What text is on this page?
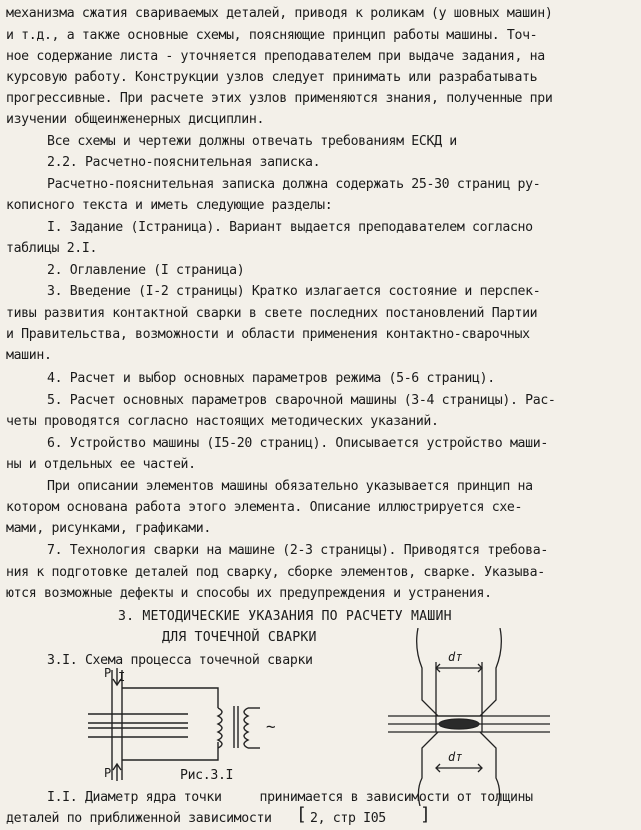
механизма сжатия свариваемых деталей, приводя к роликам (у шовных машин)
и т.д., а также основные схемы, поясняющие принцип работы машины. Точ-
ное содержание листа - уточняется преподавателем при выдаче задания, на
курсовую работу. Конструкции узлов следует принимать или разрабатывать
прогрессивные. При расчете этих узлов применяются знания, полученные при
изучении общеинженерных дисциплин.
Все схемы и чертежи должны отвечать требованиям ЕСКД и
2.2. Расчетно-пояснительная записка.
Расчетно-пояснительная записка должна содержать 25-30 страниц ру-
кописного текста и иметь следующие разделы:
I. Задание (Iстраница). Вариант выдается преподавателем согласно
таблицы 2.I.
2. Оглавление (I страница)
3. Введение (I-2 страницы) Кратко излагается состояние и перспек-
тивы развития контактной сварки в свете последних постановлений Партии
и Правительства, возможности и области применения контактно-сварочных
машин.
4. Расчет и выбор основных параметров режима (5-6 страниц).
5. Расчет основных параметров сварочной машины (3-4 страницы). Рас-
четы проводятся согласно настоящих методических указаний.
6. Устройство машины (I5-20 страниц). Описывается устройство маши-
ны и отдельных ее частей.
При описании элементов машины обязательно указывается принцип на
котором основана работа этого элемента. Описание иллюстрируется схе-
мами, рисунками, графиками.
7. Технология сварки на машине (2-3 страницы). Приводятся требова-
ния к подготовке деталей под сварку, сборке элементов, сварке. Указыва-
ются возможные дефекты и способы их предупреждения и устранения.
3. МЕТОДИЧЕСКИЕ УКАЗАНИЯ ПО РАСЧЕТУ МАШИН
ДЛЯ ТОЧЕЧНОЙ СВАРКИ
3.I. Схема процесса точечной сварки
P
P
I
~
Рис.3.I
dт
dт
I.I. Диаметр ядра точки     принимается в зависимости от толщины
деталей по приближенной зависимости [ 2, стр I05 ]
